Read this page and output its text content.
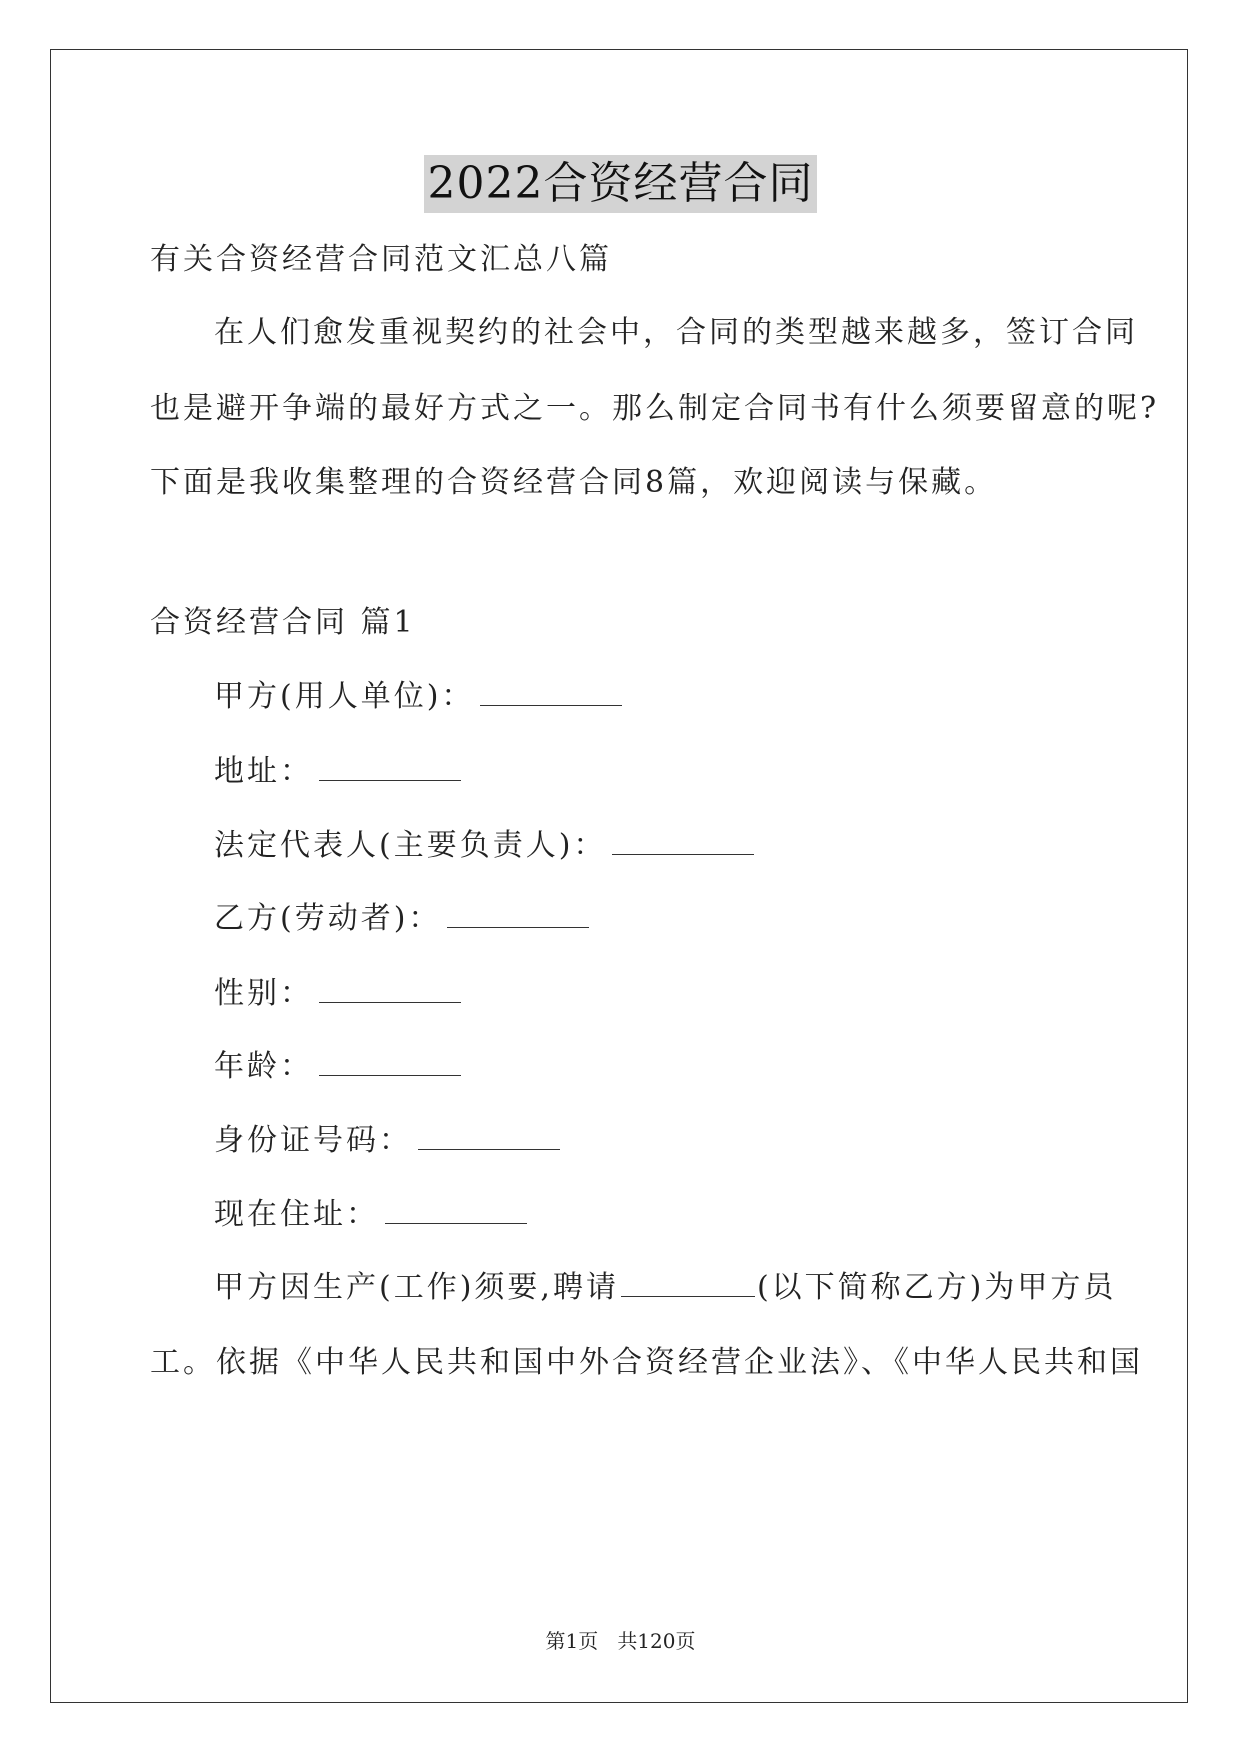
2022合资经营合同
有关合资经营合同范文汇总八篇
在人们愈发重视契约的社会中，合同的类型越来越多，签订合同
也是避开争端的最好方式之一。那么制定合同书有什么须要留意的呢?
下面是我收集整理的合资经营合同8篇，欢迎阅读与保藏。
合资经营合同 篇1
甲方(用人单位)：
地址：
法定代表人(主要负责人)：
乙方(劳动者)：
性别：
年龄：
身份证号码：
现在住址：
甲方因生产(工作)须要,聘请	(以下简称乙方)为甲方员
工。依据《中华人民共和国中外合资经营企业法》、《中华人民共和国
第1页 共120页
